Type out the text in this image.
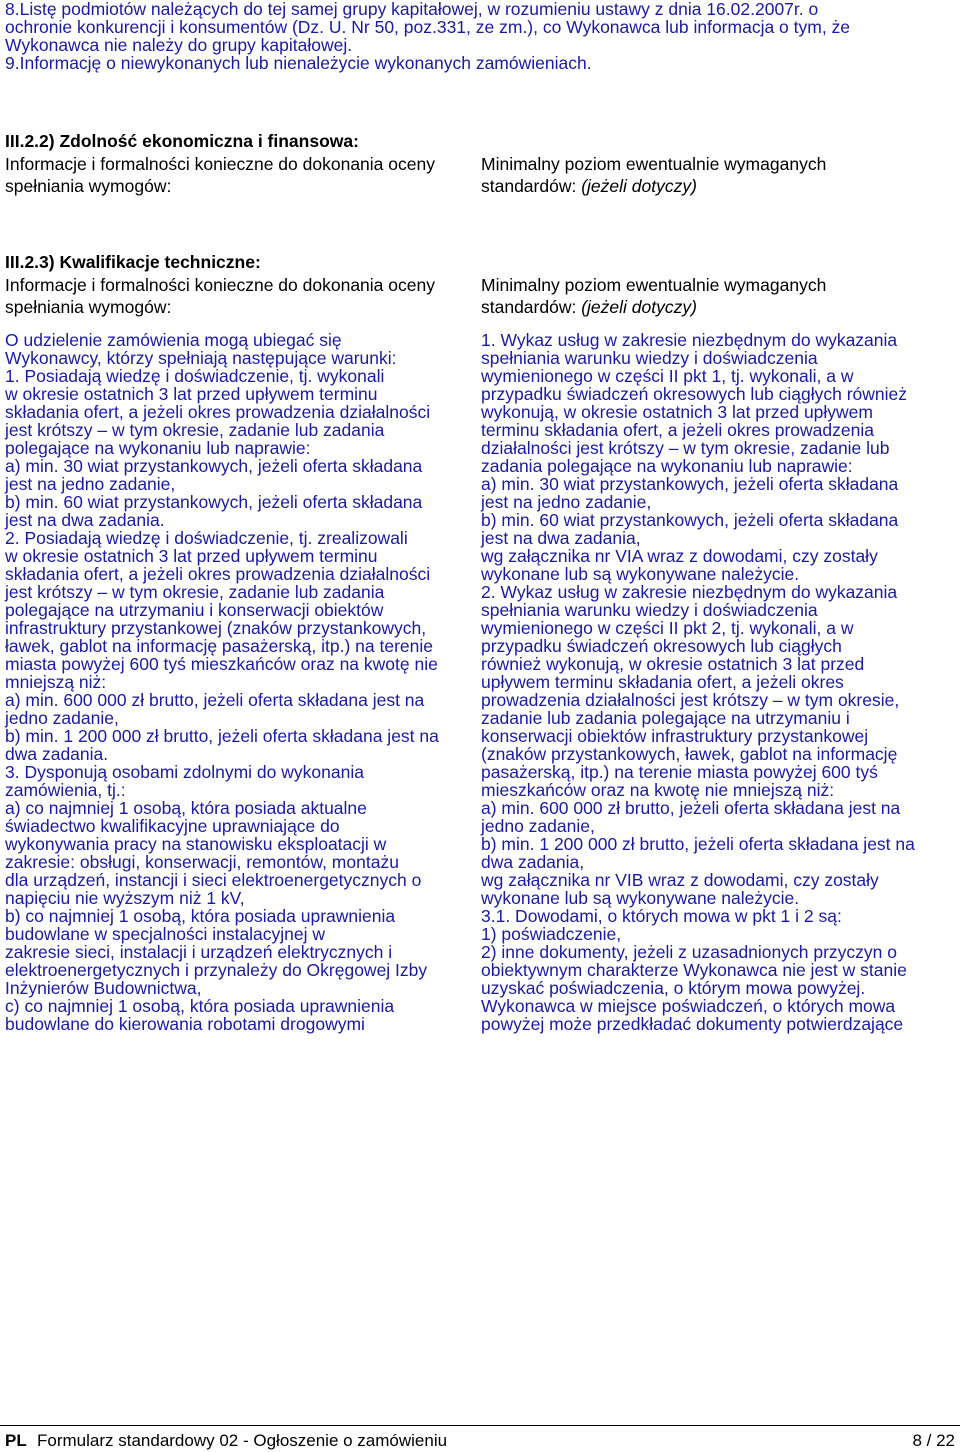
8.Listę podmiotów należących do tej samej grupy kapitałowej, w rozumieniu ustawy z dnia 16.02.2007r. o
ochronie konkurencji i konsumentów (Dz. U. Nr 50, poz.331, ze zm.), co Wykonawca lub informacja o tym, że
Wykonawca nie należy do grupy kapitałowej.
9.Informację o niewykonanych lub nienależycie wykonanych zamówieniach.
III.2.2) Zdolność ekonomiczna i finansowa:
Informacje i formalności konieczne do dokonania oceny
spełniania wymogów:
Minimalny poziom ewentualnie wymaganych
standardów: (jeżeli dotyczy)
III.2.3) Kwalifikacje techniczne:
Informacje i formalności konieczne do dokonania oceny
spełniania wymogów:
Minimalny poziom ewentualnie wymaganych
standardów: (jeżeli dotyczy)
O udzielenie zamówienia mogą ubiegać się
Wykonawcy, którzy spełniają następujące warunki:
1. Posiadają wiedzę i doświadczenie, tj. wykonali
w okresie ostatnich 3 lat przed upływem terminu
składania ofert, a jeżeli okres prowadzenia działalności
jest krótszy – w tym okresie, zadanie lub zadania
polegające na wykonaniu lub naprawie:
a) min. 30 wiat przystankowych, jeżeli oferta składana
jest na jedno zadanie,
b) min. 60 wiat przystankowych, jeżeli oferta składana
jest na dwa zadania.
2. Posiadają wiedzę i doświadczenie, tj. zrealizowali
w okresie ostatnich 3 lat przed upływem terminu
składania ofert, a jeżeli okres prowadzenia działalności
jest krótszy – w tym okresie, zadanie lub zadania
polegające na utrzymaniu i konserwacji obiektów
infrastruktury przystankowej (znaków przystankowych,
ławek, gablot na informację pasażerską, itp.) na terenie
miasta powyżej 600 tyś mieszkańców oraz na kwotę nie
mniejszą niż:
a) min. 600 000 zł brutto, jeżeli oferta składana jest na
jedno zadanie,
b) min. 1 200 000 zł brutto, jeżeli oferta składana jest na
dwa zadania.
3. Dysponują osobami zdolnymi do wykonania
zamówienia, tj.:
a) co najmniej 1 osobą, która posiada aktualne
świadectwo kwalifikacyjne uprawniające do
wykonywania pracy na stanowisku eksploatacji w
zakresie: obsługi, konserwacji, remontów, montażu
dla urządzeń, instancji i sieci elektroenergetycznych o
napięciu nie wyższym niż 1 kV,
b) co najmniej 1 osobą, która posiada uprawnienia
budowlane w specjalności instalacyjnej w
zakresie sieci, instalacji i urządzeń elektrycznych i
elektroenergetycznych i przynależy do Okręgowej Izby
Inżynierów Budownictwa,
c) co najmniej 1 osobą, która posiada uprawnienia
budowlane do kierowania robotami drogowymi
1. Wykaz usług w zakresie niezbędnym do wykazania
spełniania warunku wiedzy i doświadczenia
wymienionego w części II pkt 1, tj. wykonali, a w
przypadku świadczeń okresowych lub ciągłych również
wykonują, w okresie ostatnich 3 lat przed upływem
terminu składania ofert, a jeżeli okres prowadzenia
działalności jest krótszy – w tym okresie, zadanie lub
zadania polegające na wykonaniu lub naprawie:
a) min. 30 wiat przystankowych, jeżeli oferta składana
jest na jedno zadanie,
b) min. 60 wiat przystankowych, jeżeli oferta składana
jest na dwa zadania,
wg załącznika nr VIA wraz z dowodami, czy zostały
wykonane lub są wykonywane należycie.
2. Wykaz usług w zakresie niezbędnym do wykazania
spełniania warunku wiedzy i doświadczenia
wymienionego w części II pkt 2, tj. wykonali, a w
przypadku świadczeń okresowych lub ciągłych
również wykonują, w okresie ostatnich 3 lat przed
upływem terminu składania ofert, a jeżeli okres
prowadzenia działalności jest krótszy – w tym okresie,
zadanie lub zadania polegające na utrzymaniu i
konserwacji obiektów infrastruktury przystankowej
(znaków przystankowych, ławek, gablot na informację
pasażerską, itp.) na terenie miasta powyżej 600 tyś
mieszkańców oraz na kwotę nie mniejszą niż:
a) min. 600 000 zł brutto, jeżeli oferta składana jest na
jedno zadanie,
b) min. 1 200 000 zł brutto, jeżeli oferta składana jest na
dwa zadania,
wg załącznika nr VIB wraz z dowodami, czy zostały
wykonane lub są wykonywane należycie.
3.1. Dowodami, o których mowa w pkt 1 i 2 są:
1) poświadczenie,
2) inne dokumenty, jeżeli z uzasadnionych przyczyn o
obiektywnym charakterze Wykonawca nie jest w stanie
uzyskać poświadczenia, o którym mowa powyżej.
Wykonawca w miejsce poświadczeń, o których mowa
powyżej może przedkładać dokumenty potwierdzające
PL Formularz standardowy 02 - Ogłoszenie o zamówieniu	8 / 22
